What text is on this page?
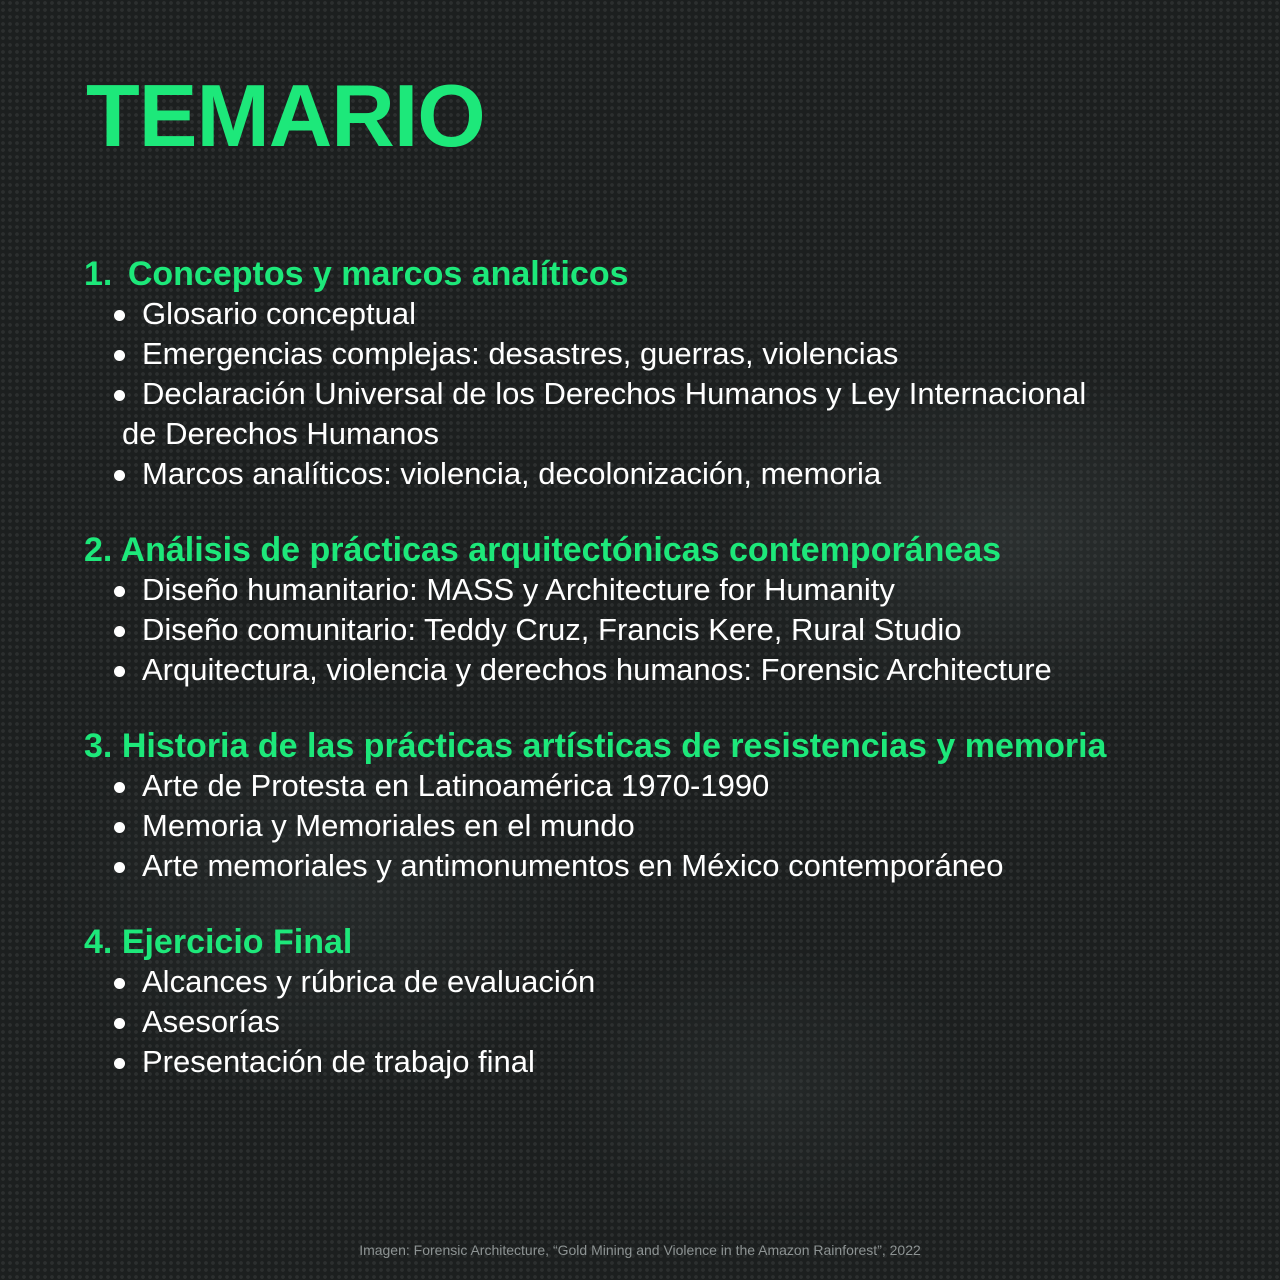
TEMARIO
1. Conceptos y marcos analíticos
Glosario conceptual
Emergencias complejas: desastres, guerras, violencias
Declaración Universal de los Derechos Humanos y Ley Internacional
de Derechos Humanos
Marcos analíticos: violencia, decolonización, memoria
2. Análisis de prácticas arquitectónicas contemporáneas
Diseño humanitario: MASS y Architecture for Humanity
Diseño comunitario: Teddy Cruz, Francis Kere, Rural Studio
Arquitectura, violencia y derechos humanos: Forensic Architecture
3. Historia de las prácticas artísticas de resistencias y memoria
Arte de Protesta en Latinoamérica 1970-1990
Memoria y Memoriales en el mundo
Arte memoriales y antimonumentos en México contemporáneo
4. Ejercicio Final
Alcances y rúbrica de evaluación
Asesorías
Presentación de trabajo final
Imagen: Forensic Architecture, “Gold Mining and Violence in the Amazon Rainforest”, 2022
